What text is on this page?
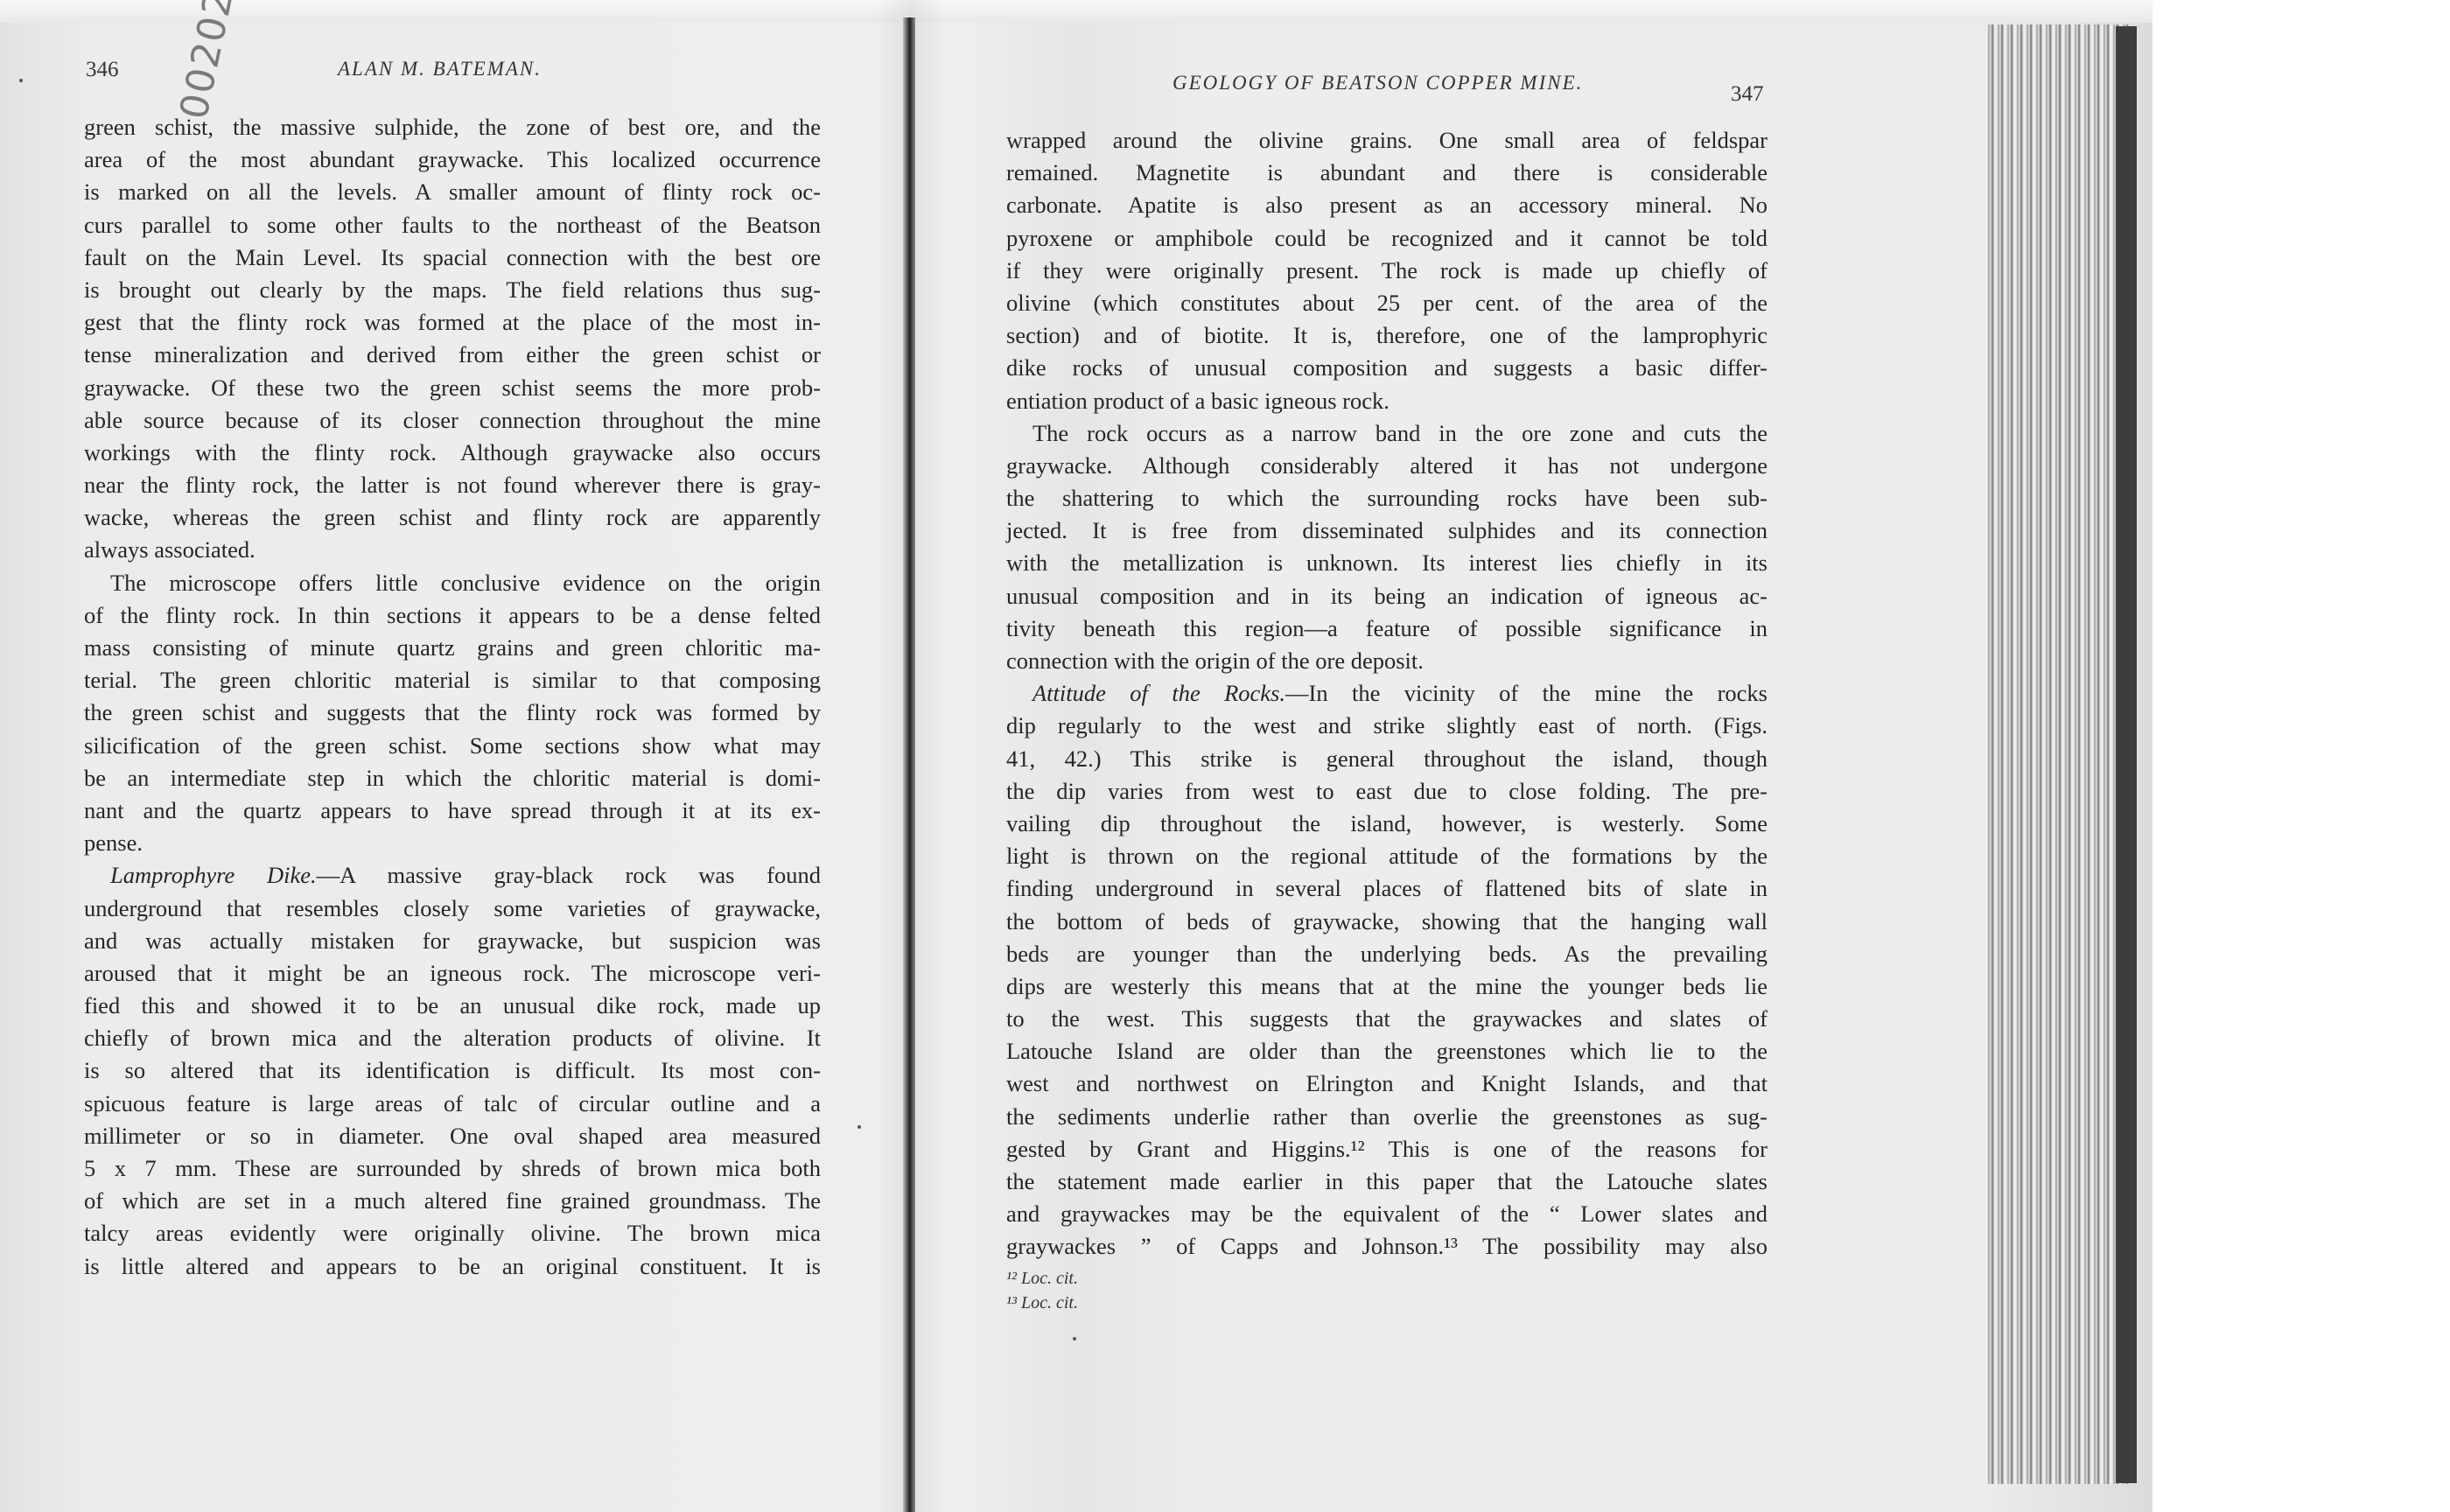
346	ALAN M. BATEMAN.
green schist, the massive sulphide, the zone of best ore, and the
area of the most abundant graywacke. This localized occurrence
is marked on all the levels. A smaller amount of flinty rock oc-
curs parallel to some other faults to the northeast of the Beatson
fault on the Main Level. Its spacial connection with the best ore
is brought out clearly by the maps. The field relations thus sug-
gest that the flinty rock was formed at the place of the most in-
tense mineralization and derived from either the green schist or
graywacke. Of these two the green schist seems the more prob-
able source because of its closer connection throughout the mine
workings with the flinty rock. Although graywacke also occurs
near the flinty rock, the latter is not found wherever there is gray-
wacke, whereas the green schist and flinty rock are apparently
always associated.
The microscope offers little conclusive evidence on the origin
of the flinty rock. In thin sections it appears to be a dense felted
mass consisting of minute quartz grains and green chloritic ma-
terial. The green chloritic material is similar to that composing
the green schist and suggests that the flinty rock was formed by
silicification of the green schist. Some sections show what may
be an intermediate step in which the chloritic material is domi-
nant and the quartz appears to have spread through it at its ex-
pense.
Lamprophyre Dike.—A massive gray-black rock was found
underground that resembles closely some varieties of graywacke,
and was actually mistaken for graywacke, but suspicion was
aroused that it might be an igneous rock. The microscope veri-
fied this and showed it to be an unusual dike rock, made up
chiefly of brown mica and the alteration products of olivine. It
is so altered that its identification is difficult. Its most con-
spicuous feature is large areas of talc of circular outline and a
millimeter or so in diameter. One oval shaped area measured
5 x 7 mm. These are surrounded by shreds of brown mica both
of which are set in a much altered fine grained groundmass. The
talcy areas evidently were originally olivine. The brown mica
is little altered and appears to be an original constituent. It is
GEOLOGY OF BEATSON COPPER MINE.	347
wrapped around the olivine grains. One small area of feldspar
remained. Magnetite is abundant and there is considerable
carbonate. Apatite is also present as an accessory mineral. No
pyroxene or amphibole could be recognized and it cannot be told
if they were originally present. The rock is made up chiefly of
olivine (which constitutes about 25 per cent. of the area of the
section) and of biotite. It is, therefore, one of the lamprophyric
dike rocks of unusual composition and suggests a basic differ-
entiation product of a basic igneous rock.
The rock occurs as a narrow band in the ore zone and cuts the
graywacke. Although considerably altered it has not undergone
the shattering to which the surrounding rocks have been sub-
jected. It is free from disseminated sulphides and its connection
with the metallization is unknown. Its interest lies chiefly in its
unusual composition and in its being an indication of igneous ac-
tivity beneath this region—a feature of possible significance in
connection with the origin of the ore deposit.
Attitude of the Rocks.—In the vicinity of the mine the rocks
dip regularly to the west and strike slightly east of north. (Figs.
41, 42.) This strike is general throughout the island, though
the dip varies from west to east due to close folding. The pre-
vailing dip throughout the island, however, is westerly. Some
light is thrown on the regional attitude of the formations by the
finding underground in several places of flattened bits of slate in
the bottom of beds of graywacke, showing that the hanging wall
beds are younger than the underlying beds. As the prevailing
dips are westerly this means that at the mine the younger beds lie
to the west. This suggests that the graywackes and slates of
Latouche Island are older than the greenstones which lie to the
west and northwest on Elrington and Knight Islands, and that
the sediments underlie rather than overlie the greenstones as sug-
gested by Grant and Higgins.¹² This is one of the reasons for
the statement made earlier in this paper that the Latouche slates
and graywackes may be the equivalent of the “ Lower slates and
graywackes ” of Capps and Johnson.¹³ The possibility may also
¹² Loc. cit.
¹³ Loc. cit.
